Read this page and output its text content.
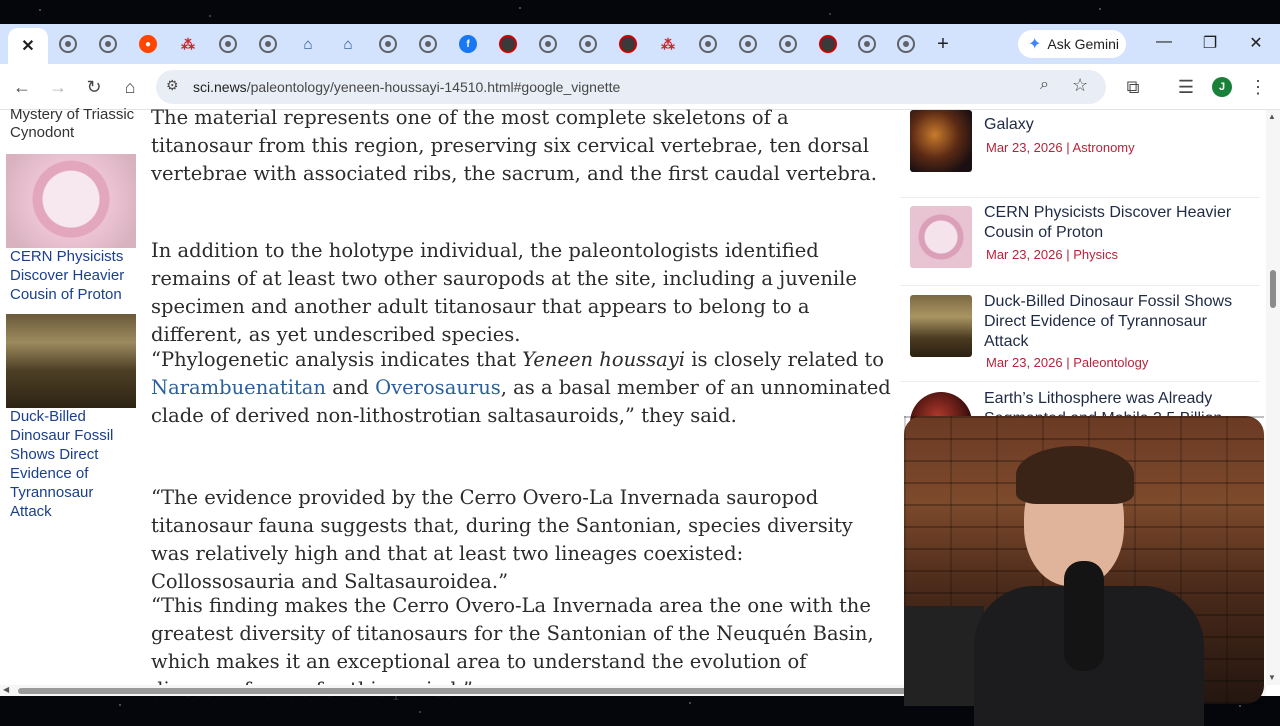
✕	●	⁂	⌂ ⌂	f	⁂	+	✦ Ask Gemini — ❐ ✕
← → ↻	⌂	⚙ sci.news/paleontology/yeneen-houssayi-14510.html#google_vignette	⌕ ☆	⧉	☰	J	⋮
Mystery of Triassic Cynodont
CERN Physicists Discover Heavier Cousin of Proton
Duck-Billed Dinosaur Fossil Shows Direct Evidence of Tyrannosaur Attack

The material represents one of the most complete skeletons of a titanosaur from this region, preserving six cervical vertebrae, ten dorsal vertebrae with associated ribs, the sacrum, and the first caudal vertebra.

In addition to the holotype individual, the paleontologists identified remains of at least two other sauropods at the site, including a juvenile specimen and another adult titanosaur that appears to belong to a different, as yet undescribed species.

“Phylogenetic analysis indicates that Yeneen houssayi is closely related to Narambuenatitan and Overosaurus, as a basal member of an unnominated clade of derived non-lithostrotian saltasauroids,” they said.

“The evidence provided by the Cerro Overo-La Invernada sauropod titanosaur fauna suggests that, during the Santonian, species diversity was relatively high and that at least two lineages coexisted: Collossosauria and Saltasauroidea.”

“This finding makes the Cerro Overo-La Invernada area the one with the greatest diversity of titanosaurs for the Santonian of the Neuquén Basin, which makes it an exceptional area to understand the evolution of

Galaxy
Mar 23, 2026 | Astronomy
CERN Physicists Discover Heavier Cousin of Proton
Mar 23, 2026 | Physics
Duck-Billed Dinosaur Fossil Shows Direct Evidence of Tyrannosaur Attack
Mar 23, 2026 | Paleontology
Earth’s Lithosphere was Already
▲
▼
◀
